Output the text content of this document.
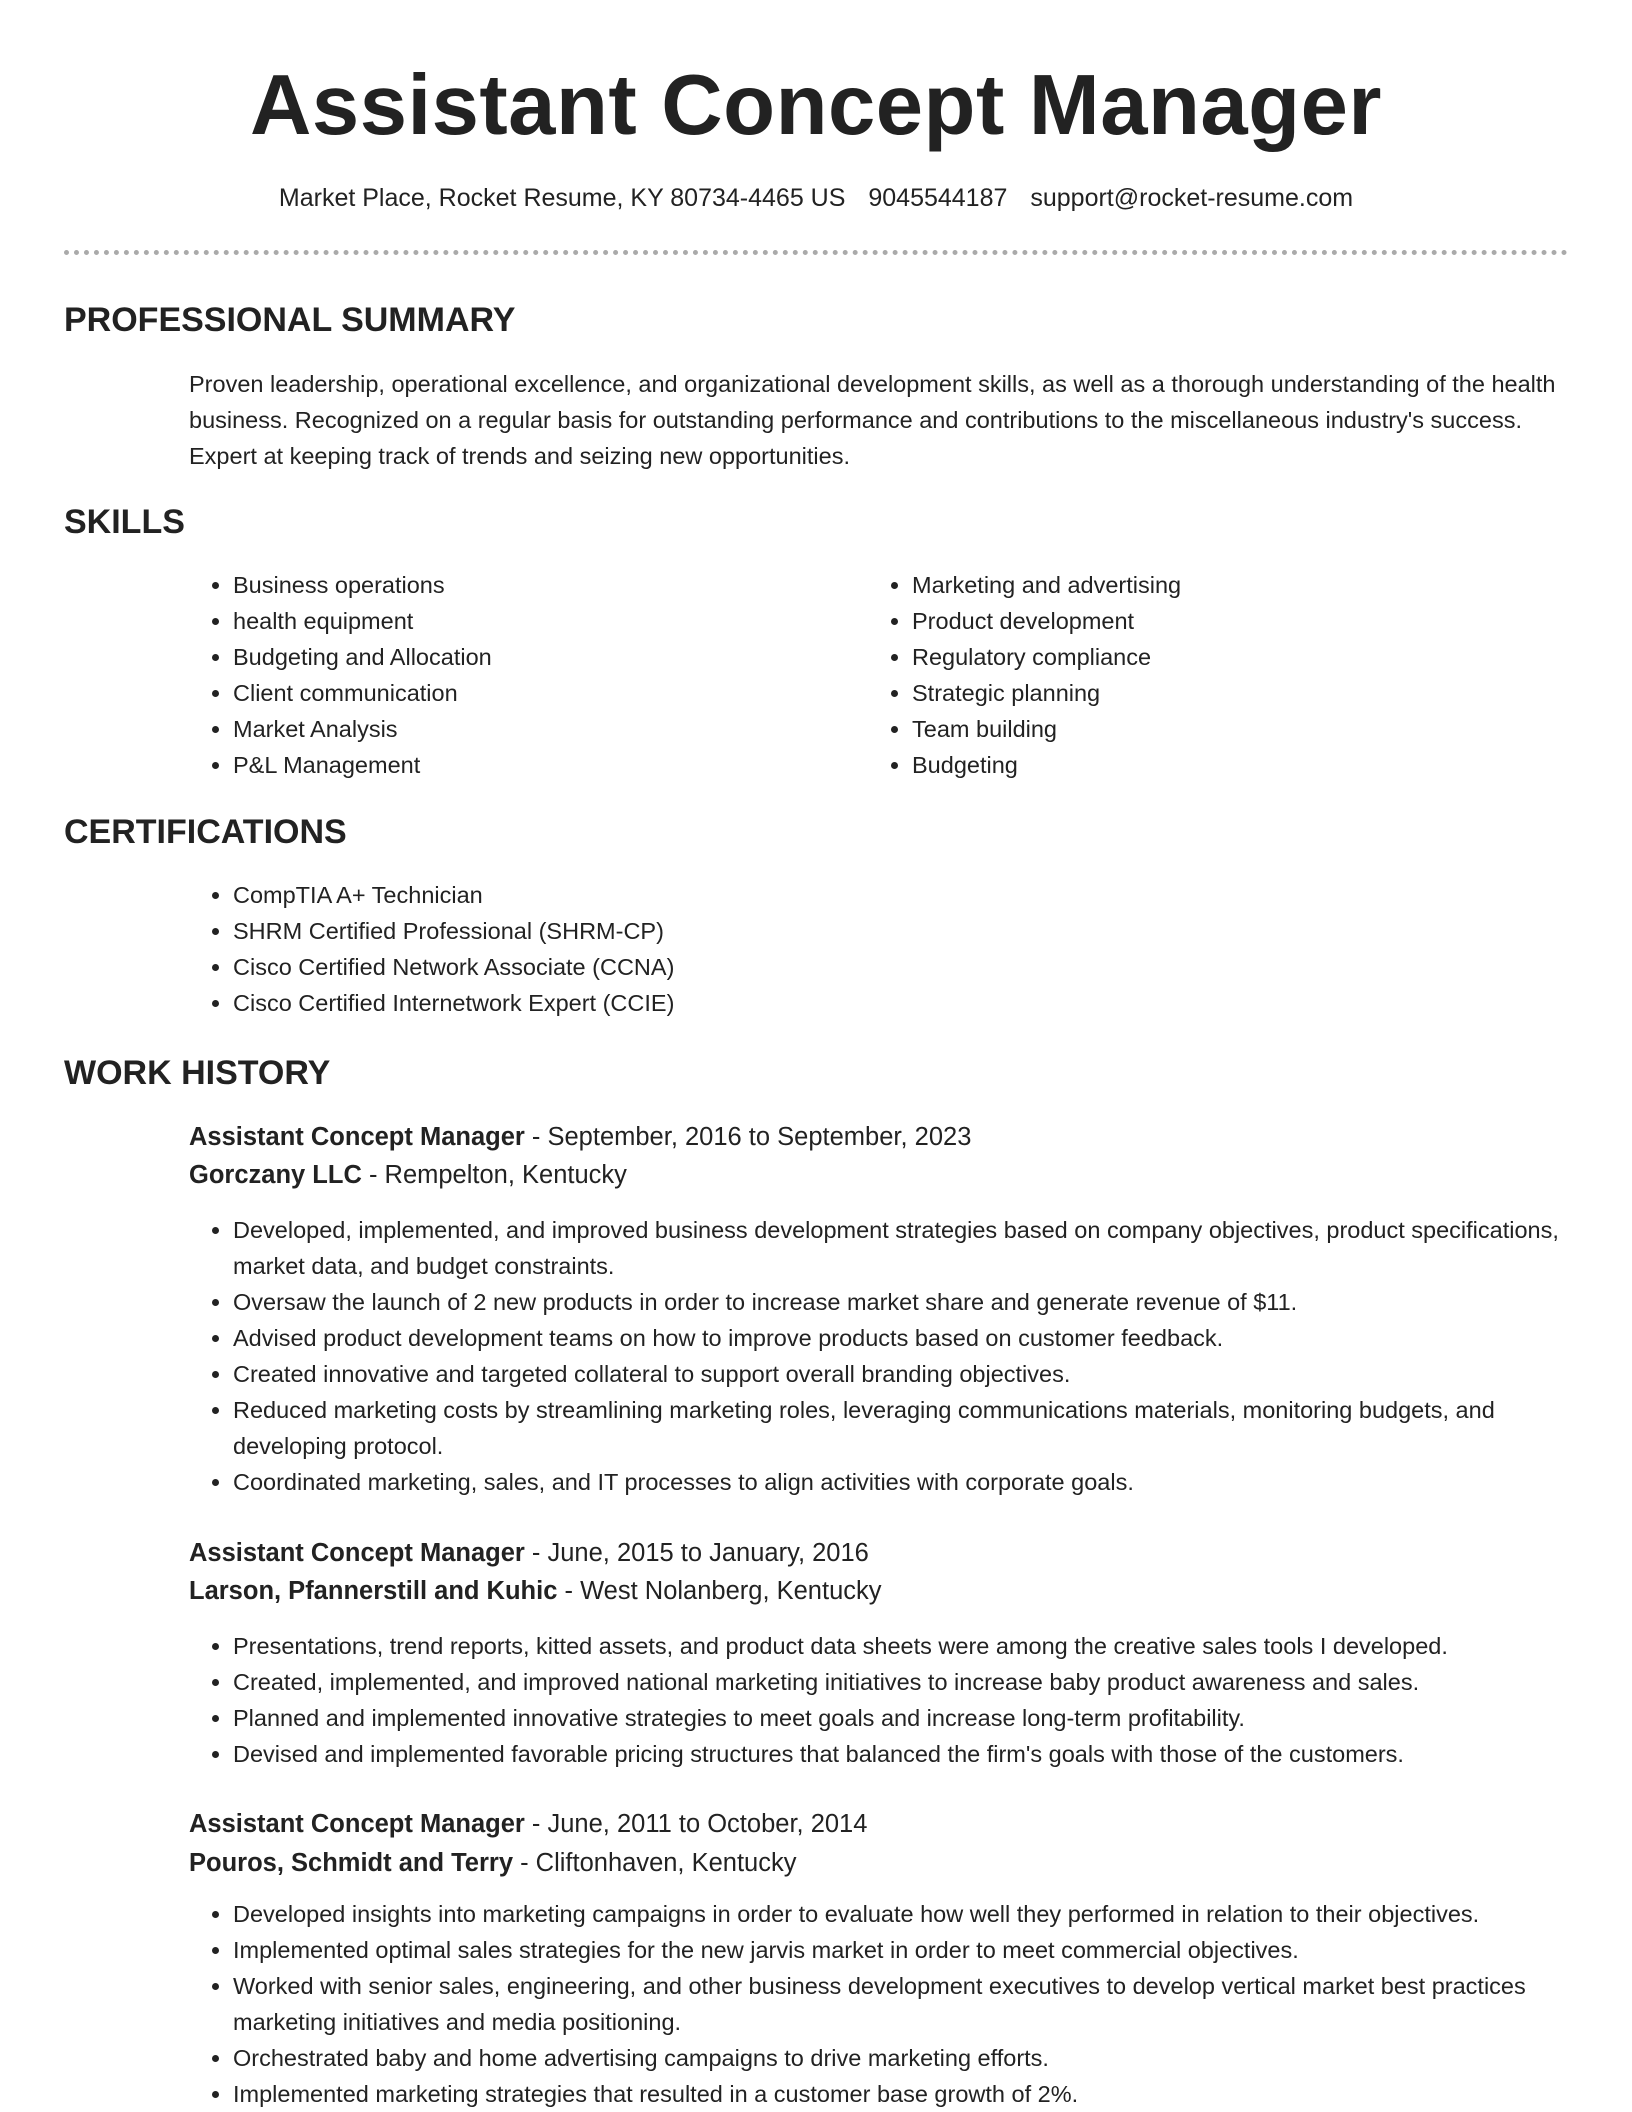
Assistant Concept Manager
Market Place, Rocket Resume, KY 80734-4465 US 9045544187 support@rocket-resume.com
PROFESSIONAL SUMMARY

Proven leadership, operational excellence, and organizational development skills, as well as a thorough understanding of the health business. Recognized on a regular basis for outstanding performance and contributions to the miscellaneous industry's success. Expert at keeping track of trends and seizing new opportunities.

SKILLS
• Business operations
• health equipment
• Budgeting and Allocation
• Client communication
• Market Analysis
• P&L Management
• Marketing and advertising
• Product development
• Regulatory compliance
• Strategic planning
• Team building
• Budgeting
CERTIFICATIONS
• CompTIA A+ Technician
• SHRM Certified Professional (SHRM-CP)
• Cisco Certified Network Associate (CCNA)
• Cisco Certified Internetwork Expert (CCIE)
WORK HISTORY
Assistant Concept Manager - September, 2016 to September, 2023
Gorczany LLC - Rempelton, Kentucky
• Developed, implemented, and improved business development strategies based on company objectives, product specifications, market data, and budget constraints.
• Oversaw the launch of 2 new products in order to increase market share and generate revenue of $11.
• Advised product development teams on how to improve products based on customer feedback.
• Created innovative and targeted collateral to support overall branding objectives.
• Reduced marketing costs by streamlining marketing roles, leveraging communications materials, monitoring budgets, and developing protocol.
• Coordinated marketing, sales, and IT processes to align activities with corporate goals.
Assistant Concept Manager - June, 2015 to January, 2016
Larson, Pfannerstill and Kuhic - West Nolanberg, Kentucky
• Presentations, trend reports, kitted assets, and product data sheets were among the creative sales tools I developed.
• Created, implemented, and improved national marketing initiatives to increase baby product awareness and sales.
• Planned and implemented innovative strategies to meet goals and increase long-term profitability.
• Devised and implemented favorable pricing structures that balanced the firm's goals with those of the customers.
Assistant Concept Manager - June, 2011 to October, 2014
Pouros, Schmidt and Terry - Cliftonhaven, Kentucky
• Developed insights into marketing campaigns in order to evaluate how well they performed in relation to their objectives.
• Implemented optimal sales strategies for the new jarvis market in order to meet commercial objectives.
• Worked with senior sales, engineering, and other business development executives to develop vertical market best practices marketing initiatives and media positioning.
• Orchestrated baby and home advertising campaigns to drive marketing efforts.
• Implemented marketing strategies that resulted in a customer base growth of 2%.
